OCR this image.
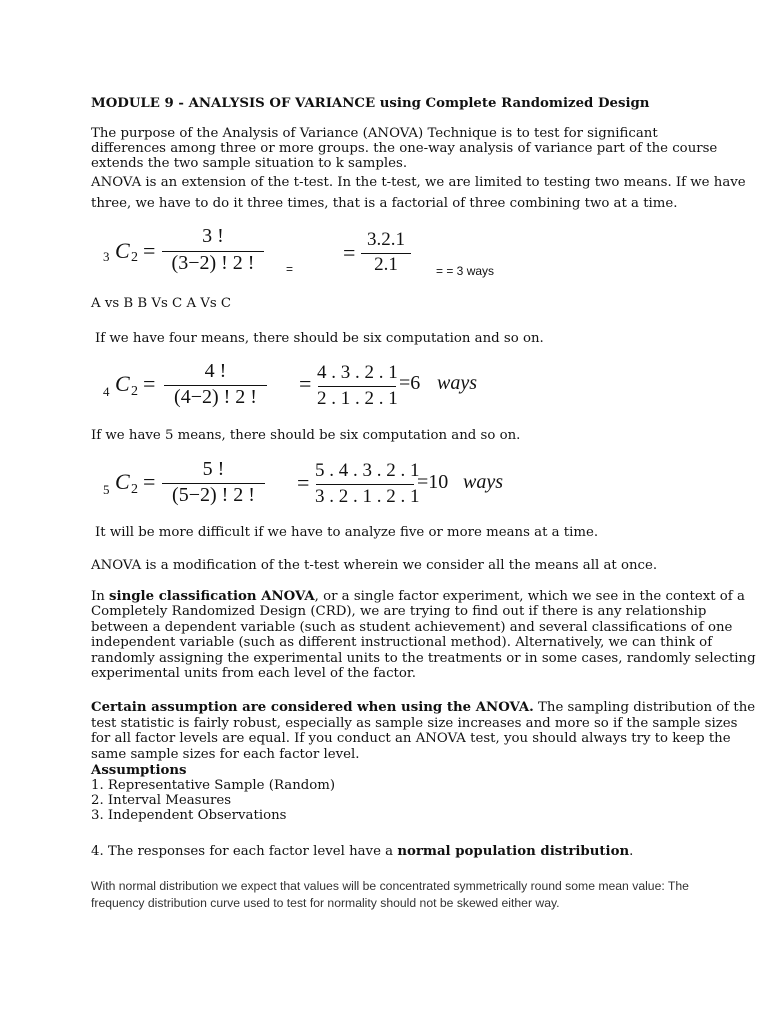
MODULE 9 - ANALYSIS OF VARIANCE using Complete Randomized Design
The purpose of the Analysis of Variance (ANOVA) Technique is to test for significant
differences among three or more groups. the one-way analysis of variance part of the course
extends the two sample situation to k samples.
ANOVA is an extension of the t-test. In the t-test, we are limited to testing two means. If we have
three, we have to do it three times, that is a factorial of three combining two at a time.
3 C 2 =
3 !
(3−2) ! 2 !	=
=
3.2.1
2.1	= = 3 ways
A vs B B Vs C A Vs C
If we have four means, there should be six computation and so on.
4 C 2 =	4 !
(4−2) ! 2 !
= 4 . 3 . 2 . 1
2 . 1 . 2 . 1
=6 ways
If we have 5 means, there should be six computation and so on.
5 C 2 =	5 !
(5−2) ! 2 !	= 5 . 4 . 3 . 2 . 1
3 . 2 . 1 . 2 . 1
=10 ways
It will be more difficult if we have to analyze five or more means at a time.
ANOVA is a modification of the t-test wherein we consider all the means all at once.
In single classification ANOVA, or a single factor experiment, which we see in the context of a
Completely Randomized Design (CRD), we are trying to find out if there is any relationship
between a dependent variable (such as student achievement) and several classifications of one
independent variable (such as different instructional method). Alternatively, we can think of
randomly assigning the experimental units to the treatments or in some cases, randomly selecting
experimental units from each level of the factor.
Certain assumption are considered when using the ANOVA. The sampling distribution of the
test statistic is fairly robust, especially as sample size increases and more so if the sample sizes
for all factor levels are equal. If you conduct an ANOVA test, you should always try to keep the
same sample sizes for each factor level.
Assumptions
1. Representative Sample (Random)
2. Interval Measures
3. Independent Observations
4. The responses for each factor level have a normal population distribution.
With normal distribution we expect that values will be concentrated symmetrically round some mean value: The
frequency distribution curve used to test for normality should not be skewed either way.
